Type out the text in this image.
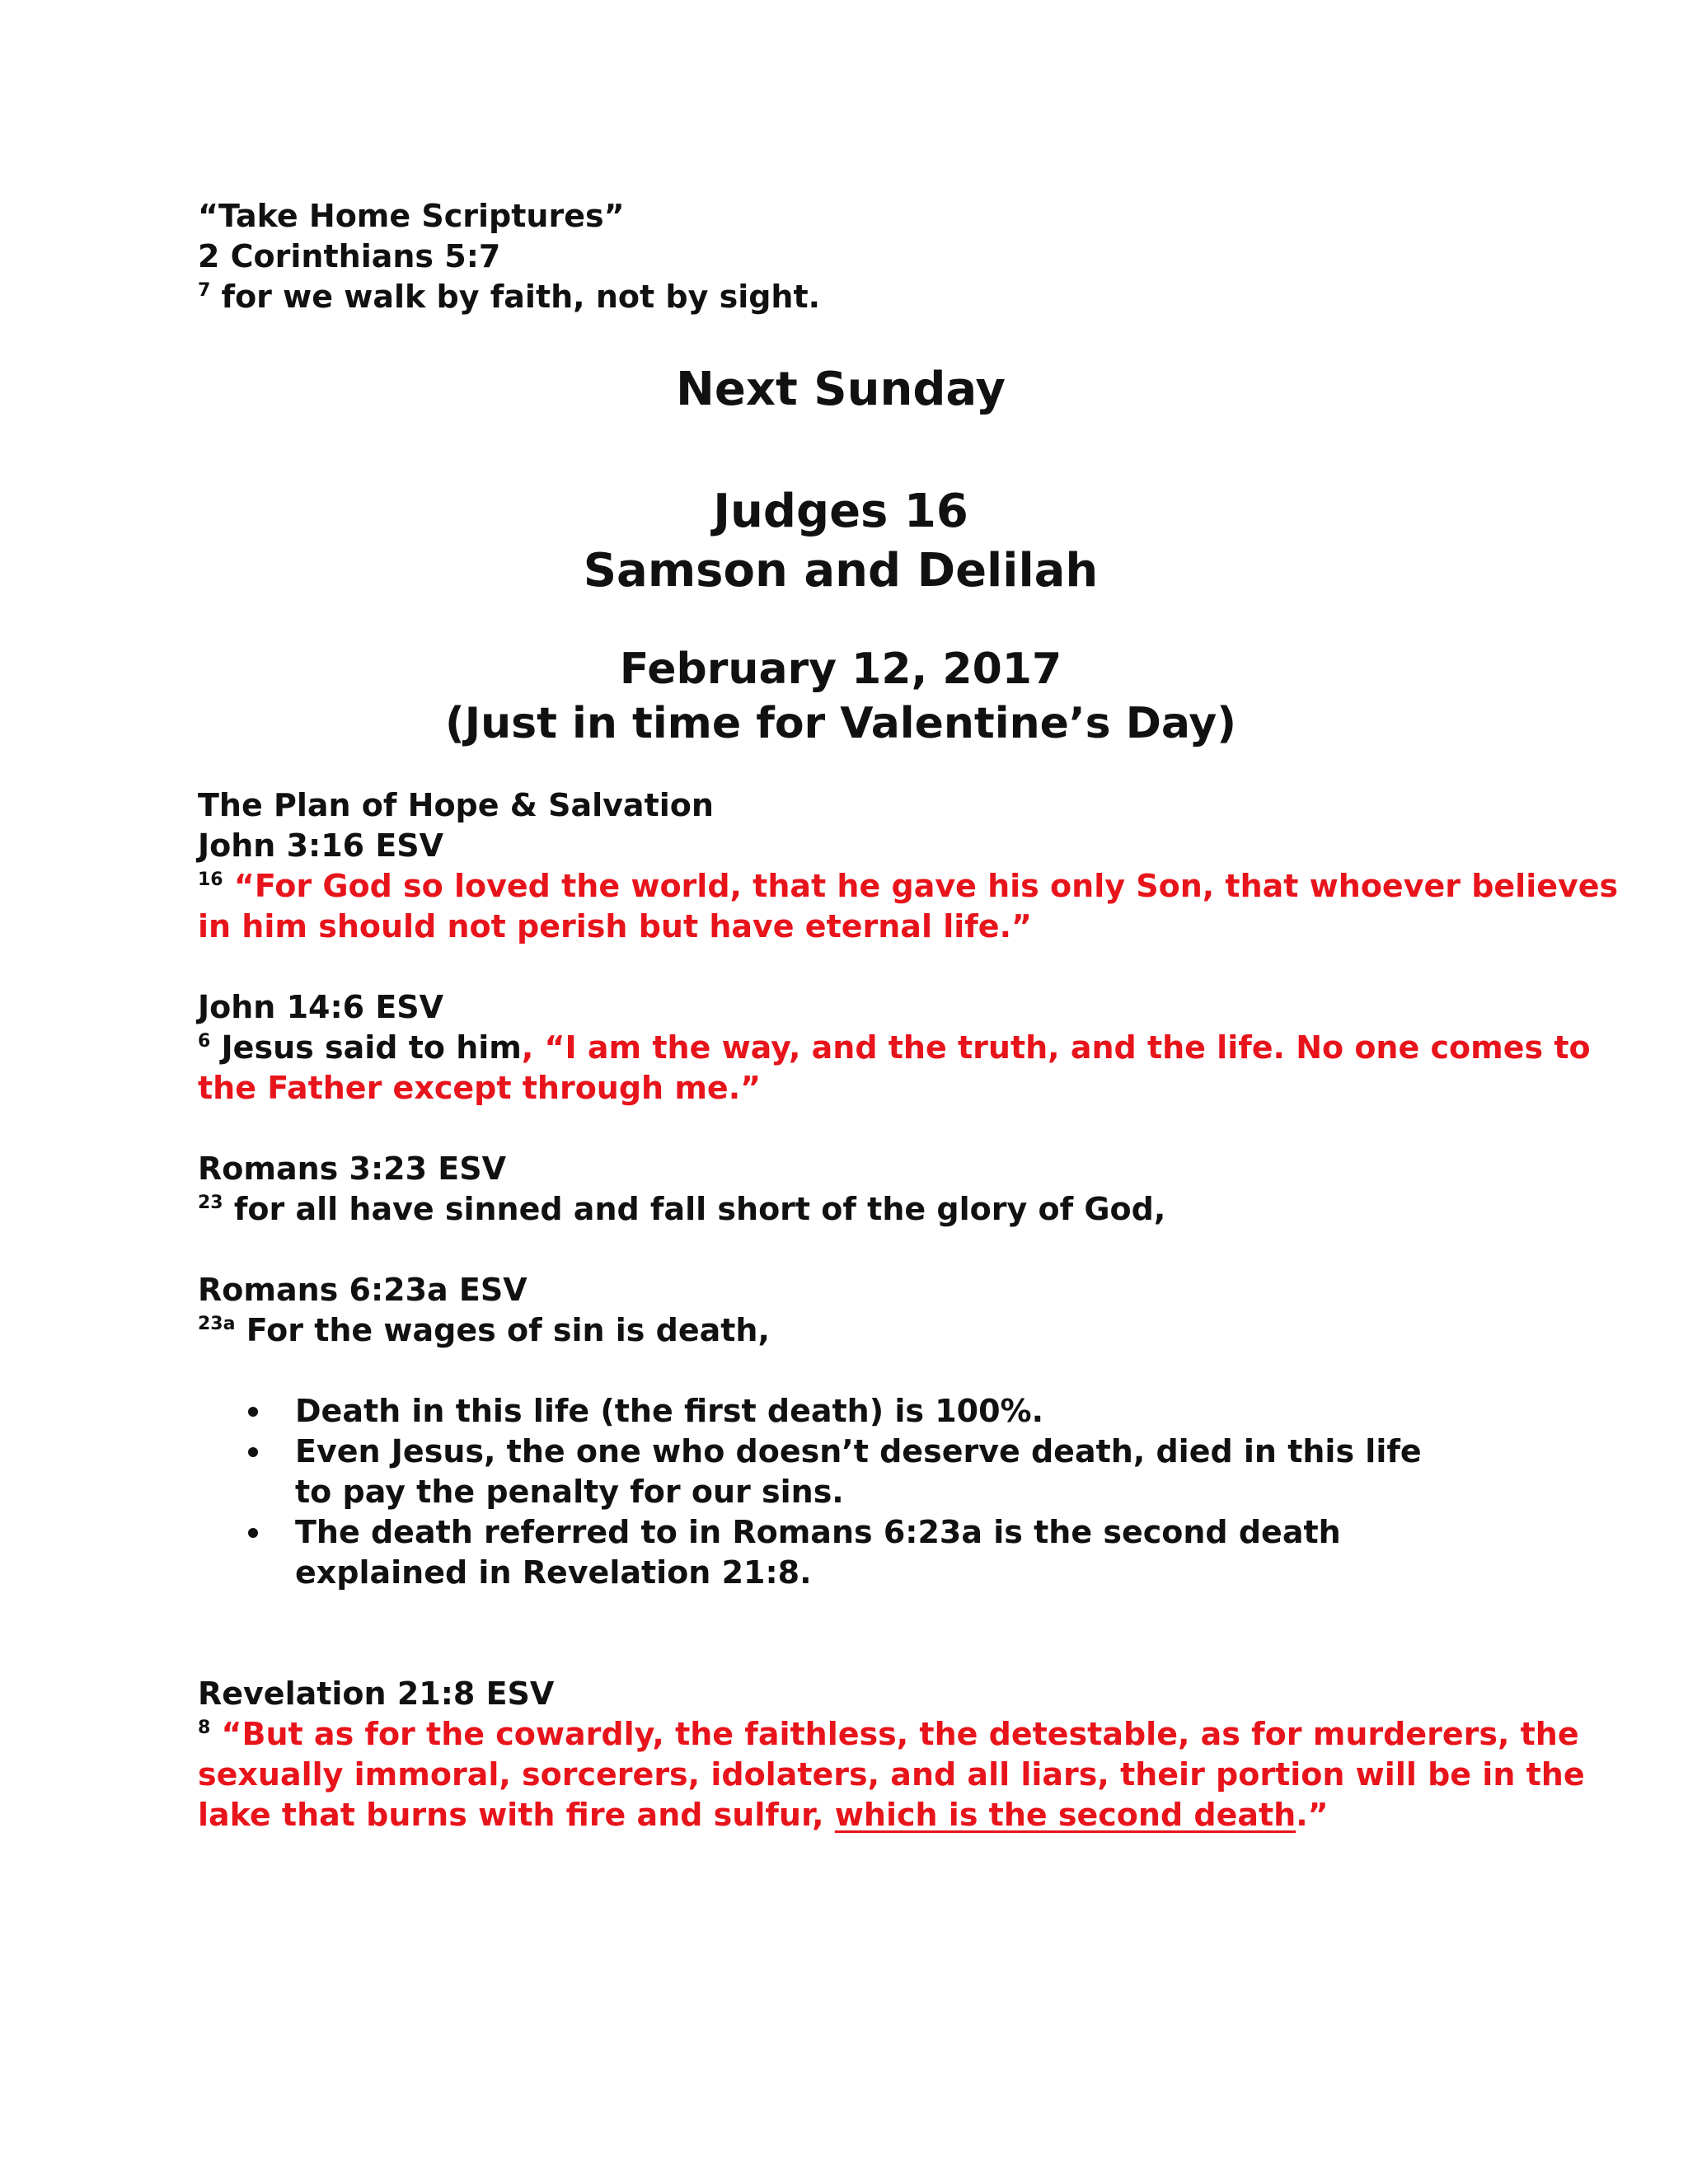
“Take Home Scriptures”

2 Corinthians 5:7

$^7$ for we walk by faith, not by sight.

Next Sunday

Judges 16

Samson and Delilah

February 12, 2017

(Just in time for Valentine’s Day)

The Plan of Hope & Salvation

John 3:16 ESV

$^{16}$ “For God so loved the world, that he gave his only Son, that whoever believes

in him should not perish but have eternal life.”

John 14:6 ESV

$^6$ Jesus said to him, “I am the way, and the truth, and the life. No one comes to

the Father except through me.”

Romans 3:23 ESV

$^{23}$ for all have sinned and fall short of the glory of God,

Romans 6:23a ESV

$^{23a}$ For the wages of sin is death,

Death in this life (the first death) is 100%.
Even Jesus, the one who doesn’t deserve death, died in this life to pay the penalty for our sins.
The death referred to in Romans 6:23a is the second death explained in Revelation 21:8.

Revelation 21:8 ESV

$^8$ “But as for the cowardly, the faithless, the detestable, as for murderers, the

sexually immoral, sorcerers, idolaters, and all liars, their portion will be in the

lake that burns with fire and sulfur, which is the second death.”
